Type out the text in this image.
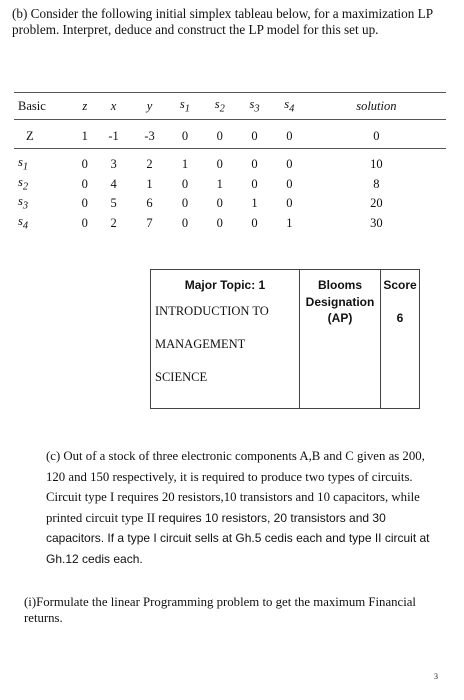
(b) Consider the following initial simplex tableau below, for a maximization LP problem. Interpret, deduce and construct the LP model for this set up.

Basic	z	x	y	$s_1$	$s_2$	$s_3$	$s_4$	solution
Z	1	-1	-3	0	0	0	0	0
$s_1$	0	3	2	1	0	0	0	10
$s_2$	0	4	1	0	1	0	0	8
$s_3$	0	5	6	0	0	1	0	20
$s_4$	0	2	7	0	0	0	1	30
Major Topic: 1
INTRODUCTION TO
MANAGEMENT
SCIENCE

Blooms
Designation
(AP)

Score
6
(c) Out of a stock of three electronic components A,B and C given as 200, 120 and 150 respectively, it is required to produce two types of circuits. Circuit type I requires 20 resistors,10 transistors and 10 capacitors, while printed circuit type II requires 10 resistors, 20 transistors and 30 capacitors. If a type I circuit sells at Gh.5 cedis each and type II circuit at Gh.12 cedis each.
(i)Formulate the linear Programming problem to get the maximum Financial returns.
3
